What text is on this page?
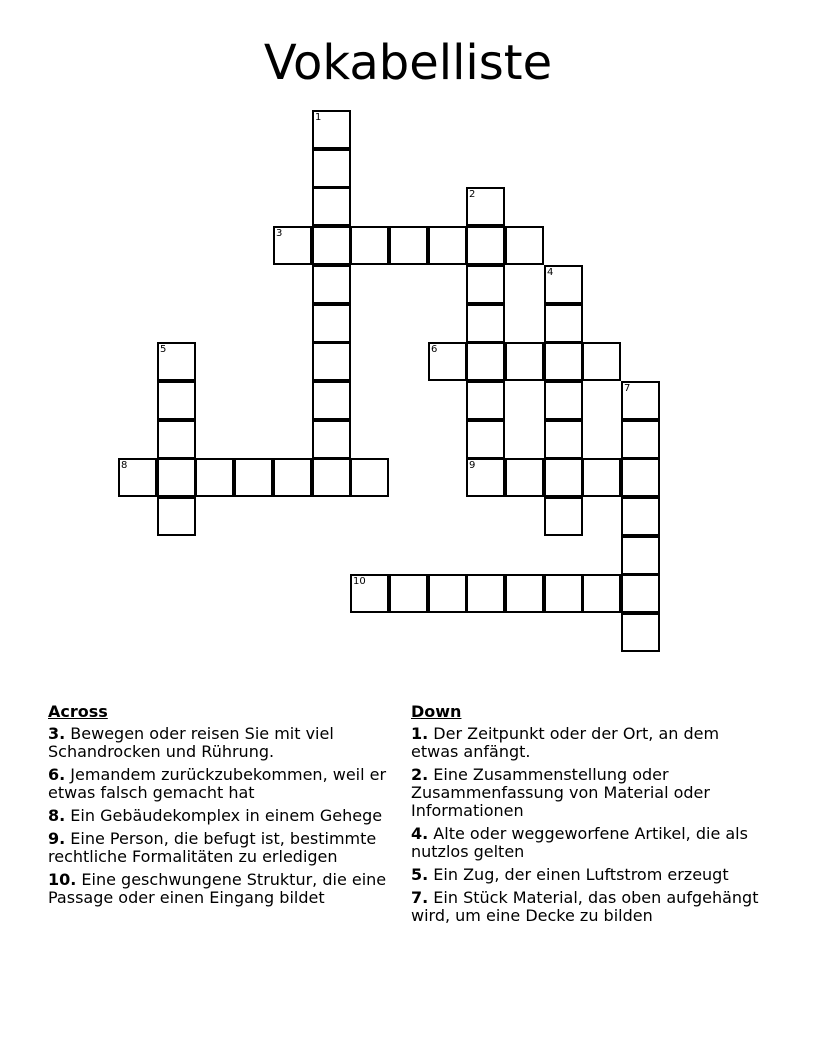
Vokabelliste
1
2
3
4
5	6
7
8	9
10
Across
3. Bewegen oder reisen Sie mit viel Schandrocken und Rührung.
6. Jemandem zurückzubekommen, weil er etwas falsch gemacht hat
8. Ein Gebäudekomplex in einem Gehege
9. Eine Person, die befugt ist, bestimmte rechtliche Formalitäten zu erledigen
10. Eine geschwungene Struktur, die eine Passage oder einen Eingang bildet
Down
1. Der Zeitpunkt oder der Ort, an dem etwas anfängt.
2. Eine Zusammenstellung oder Zusammenfassung von Material oder Informationen
4. Alte oder weggeworfene Artikel, die als nutzlos gelten
5. Ein Zug, der einen Luftstrom erzeugt
7. Ein Stück Material, das oben aufgehängt wird, um eine Decke zu bilden
